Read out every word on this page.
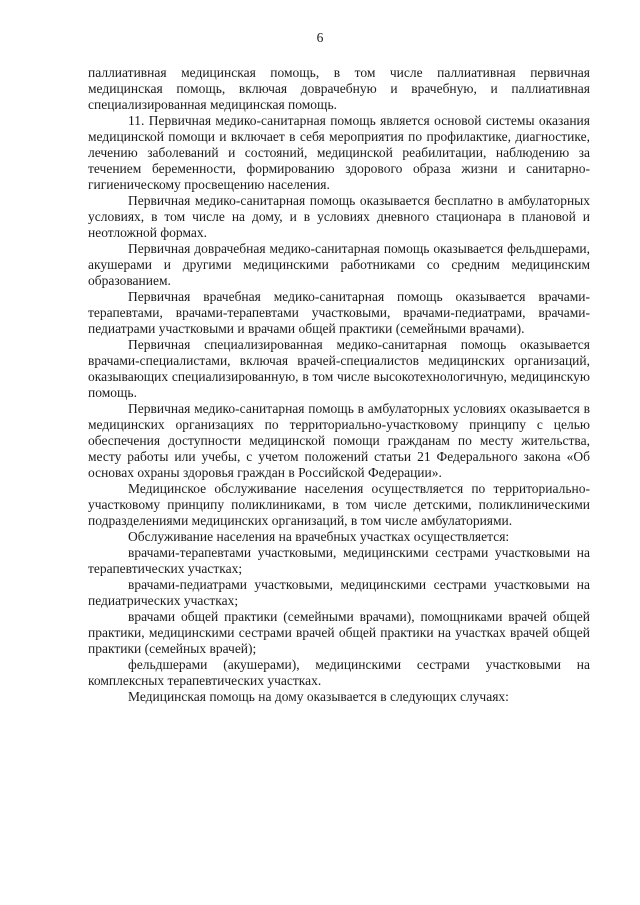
6

паллиативная медицинская помощь, в том числе паллиативная первичная медицинская помощь, включая доврачебную и врачебную, и паллиативная специализированная медицинская помощь.

11. Первичная медико-санитарная помощь является основой системы оказания медицинской помощи и включает в себя мероприятия по профилактике, диагностике, лечению заболеваний и состояний, медицинской реабилитации, наблюдению за течением беременности, формированию здорового образа жизни и санитарно-гигиеническому просвещению населения.

Первичная медико-санитарная помощь оказывается бесплатно в амбулаторных условиях, в том числе на дому, и в условиях дневного стационара в плановой и неотложной формах.

Первичная доврачебная медико-санитарная помощь оказывается фельдшерами, акушерами и другими медицинскими работниками со средним медицинским образованием.

Первичная врачебная медико-санитарная помощь оказывается врачами-терапевтами, врачами-терапевтами участковыми, врачами-педиатрами, врачами-педиатрами участковыми и врачами общей практики (семейными врачами).

Первичная специализированная медико-санитарная помощь оказывается врачами-специалистами, включая врачей-специалистов медицинских организаций, оказывающих специализированную, в том числе высокотехнологичную, медицинскую помощь.

Первичная медико-санитарная помощь в амбулаторных условиях оказывается в медицинских организациях по территориально-участковому принципу с целью обеспечения доступности медицинской помощи гражданам по месту жительства, месту работы или учебы, с учетом положений статьи 21 Федерального закона «Об основах охраны здоровья граждан в Российской Федерации».

Медицинское обслуживание населения осуществляется по территориально-участковому принципу поликлиниками, в том числе детскими, поликлиническими подразделениями медицинских организаций, в том числе амбулаториями.

Обслуживание населения на врачебных участках осуществляется:

врачами-терапевтами участковыми, медицинскими сестрами участковыми на терапевтических участках;

врачами-педиатрами участковыми, медицинскими сестрами участковыми на педиатрических участках;

врачами общей практики (семейными врачами), помощниками врачей общей практики, медицинскими сестрами врачей общей практики на участках врачей общей практики (семейных врачей);

фельдшерами (акушерами), медицинскими сестрами участковыми на комплексных терапевтических участках.

Медицинская помощь на дому оказывается в следующих случаях:
